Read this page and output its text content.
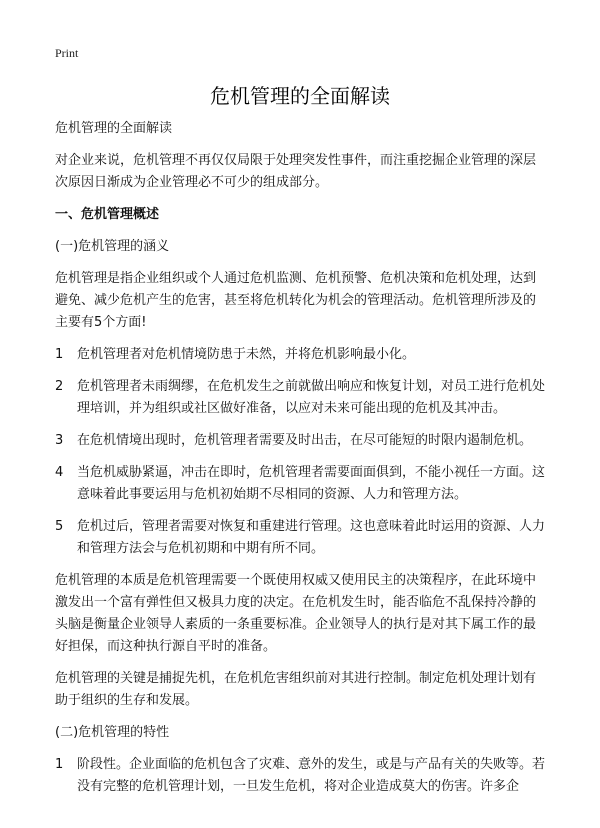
Print
危机管理的全面解读

危机管理的全面解读

对企业来说，危机管理不再仅仅局限于处理突发性事件，而注重挖掘企业管理的深层次原因日渐成为企业管理必不可少的组成部分。

一、危机管理概述

(一)危机管理的涵义

危机管理是指企业组织或个人通过危机监测、危机预警、危机决策和危机处理，达到避免、减少危机产生的危害，甚至将危机转化为机会的管理活动。危机管理所涉及的主要有5个方面!

1	危机管理者对危机情境防患于未然，并将危机影响最小化。

2	危机管理者未雨绸缪，在危机发生之前就做出响应和恢复计划，对员工进行危机处理培训，并为组织或社区做好准备，以应对未来可能出现的危机及其冲击。

3	在危机情境出现时，危机管理者需要及时出击，在尽可能短的时限内遏制危机。

4	当危机威胁紧逼，冲击在即时，危机管理者需要面面俱到，不能小视任一方面。这意味着此事要运用与危机初始期不尽相同的资源、人力和管理方法。

5	危机过后，管理者需要对恢复和重建进行管理。这也意味着此时运用的资源、人力和管理方法会与危机初期和中期有所不同。

危机管理的本质是危机管理需要一个既使用权威又使用民主的决策程序，在此环境中激发出一个富有弹性但又极具力度的决定。在危机发生时，能否临危不乱保持冷静的头脑是衡量企业领导人素质的一条重要标准。企业领导人的执行是对其下属工作的最好担保，而这种执行源自平时的准备。

危机管理的关键是捕捉先机，在危机危害组织前对其进行控制。制定危机处理计划有助于组织的生存和发展。

(二)危机管理的特性

1	阶段性。企业面临的危机包含了灾难、意外的发生，或是与产品有关的失败等。若没有完整的危机管理计划，一旦发生危机，将对企业造成莫大的伤害。许多企
